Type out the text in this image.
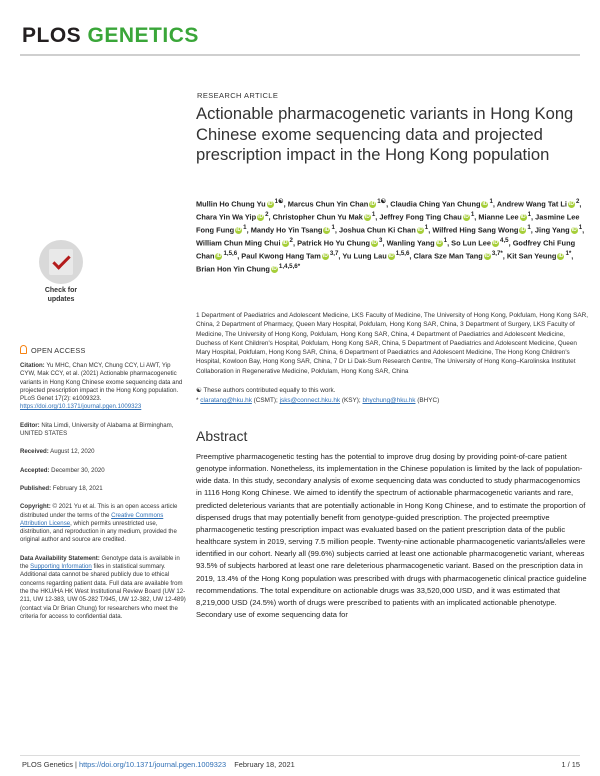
PLOS GENETICS
Check for updates
OPEN ACCESS

Citation: Yu MHC, Chan MCY, Chung CCY, Li AWT, Yip CYW, Mak CCY, et al. (2021) Actionable pharmacogenetic variants in Hong Kong Chinese exome sequencing data and projected prescription impact in the Hong Kong population. PLoS Genet 17(2): e1009323. https://doi.org/10.1371/journal.pgen.1009323

Editor: Nita Limdi, University of Alabama at Birmingham, UNITED STATES

Received: August 12, 2020

Accepted: December 30, 2020

Published: February 18, 2021

Copyright: © 2021 Yu et al. This is an open access article distributed under the terms of the Creative Commons Attribution License, which permits unrestricted use, distribution, and reproduction in any medium, provided the original author and source are credited.

Data Availability Statement: Genotype data is available in the Supporting Information files in statistical summary. Additional data cannot be shared publicly due to ethical concerns regarding patient data. Full data are available from the the HKU/HA HK West Institutional Review Board (UW 12-211, UW 12-383, UW 05-282 T/945, UW 12-382, UW 12-489) (contact via Dr Brian Chung) for researchers who meet the criteria for access to confidential data.

RESEARCH ARTICLE
Actionable pharmacogenetic variants in Hong Kong Chinese exome sequencing data and projected prescription impact in the Hong Kong population
Mullin Ho Chung Yu iD $^{1☯}$, Marcus Chun Yin Chan iD $^{1☯}$, Claudia Ching Yan Chung iD $^1$, Andrew Wang Tat Li iD $^2$, Chara Yin Wa Yip iD $^2$, Christopher Chun Yu Mak iD $^1$, Jeffrey Fong Ting Chau iD $^1$, Mianne Lee iD $^1$, Jasmine Lee Fong Fung iD $^1$, Mandy Ho Yin Tsang iD $^1$, Joshua Chun Ki Chan iD $^1$, Wilfred Hing Sang Wong iD $^1$, Jing Yang iD $^1$, William Chun Ming Chui iD $^2$, Patrick Ho Yu Chung iD $^3$, Wanling Yang iD $^1$, So Lun Lee iD $^{4,5}$, Godfrey Chi Fung Chan iD $^{1,5,6}$, Paul Kwong Hang Tam iD $^{3,7}$, Yu Lung Lau iD $^{1,5,6}$, Clara Sze Man Tang iD $^{3,7*}$, Kit San Yeung iD $^{1*}$, Brian Hon Yin Chung iD $^{1,4,5,6*}$
1 Department of Paediatrics and Adolescent Medicine, LKS Faculty of Medicine, The University of Hong Kong, Pokfulam, Hong Kong SAR, China, 2 Department of Pharmacy, Queen Mary Hospital, Pokfulam, Hong Kong SAR, China, 3 Department of Surgery, LKS Faculty of Medicine, The University of Hong Kong, Pokfulam, Hong Kong SAR, China, 4 Department of Paediatrics and Adolescent Medicine, Duchess of Kent Children's Hospital, Pokfulam, Hong Kong SAR, China, 5 Department of Paediatrics and Adolescent Medicine, Queen Mary Hospital, Pokfulam, Hong Kong SAR, China, 6 Department of Paediatrics and Adolescent Medicine, The Hong Kong Children's Hospital, Kowloon Bay, Hong Kong SAR, China, 7 Dr Li Dak-Sum Research Centre, The University of Hong Kong–Karolinska Institutet Collaboration in Regenerative Medicine, Pokfulam, Hong Kong SAR, China
☯ These authors contributed equally to this work.
* claratang@hku.hk (CSMT); jsks@connect.hku.hk (KSY); bhychung@hku.hk (BHYC)
Abstract

Preemptive pharmacogenetic testing has the potential to improve drug dosing by providing point-of-care patient genotype information. Nonetheless, its implementation in the Chinese population is limited by the lack of population-wide data. In this study, secondary analysis of exome sequencing data was conducted to study pharmacogenomics in 1116 Hong Kong Chinese. We aimed to identify the spectrum of actionable pharmacogenetic variants and rare, predicted deleterious variants that are potentially actionable in Hong Kong Chinese, and to estimate the proportion of dispensed drugs that may potentially benefit from genotype-guided prescription. The projected preemptive pharmacogenetic testing prescription impact was evaluated based on the patient prescription data of the public healthcare system in 2019, serving 7.5 million people. Twenty-nine actionable pharmacogenetic variants/alleles were identified in our cohort. Nearly all (99.6%) subjects carried at least one actionable pharmacogenetic variant, whereas 93.5% of subjects harbored at least one rare deleterious pharmacogenetic variant. Based on the prescription data in 2019, 13.4% of the Hong Kong population was prescribed with drugs with pharmacogenetic clinical practice guideline recommendations. The total expenditure on actionable drugs was 33,520,000 USD, and it was estimated that 8,219,000 USD (24.5%) worth of drugs were prescribed to patients with an implicated actionable phenotype. Secondary use of exome sequencing data for

PLOS Genetics | https://doi.org/10.1371/journal.pgen.1009323 February 18, 2021	1 / 15
